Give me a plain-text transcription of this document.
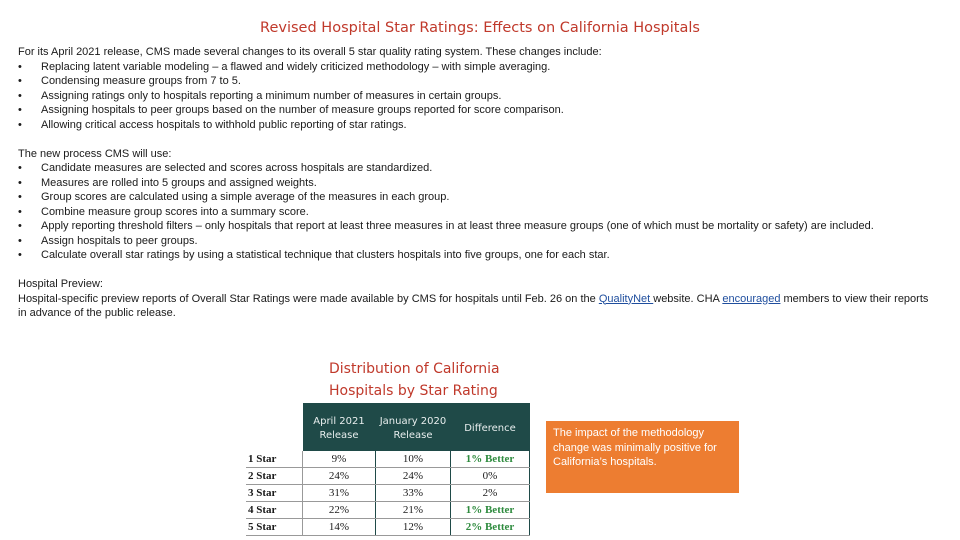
Revised Hospital Star Ratings: Effects on California Hospitals

For its April 2021 release, CMS made several changes to its overall 5 star quality rating system. These changes include:

• Replacing latent variable modeling – a flawed and widely criticized methodology – with simple averaging.
• Condensing measure groups from 7 to 5.
• Assigning ratings only to hospitals reporting a minimum number of measures in certain groups.
• Assigning hospitals to peer groups based on the number of measure groups reported for score comparison.
• Allowing critical access hospitals to withhold public reporting of star ratings.

The new process CMS will use:

• Candidate measures are selected and scores across hospitals are standardized.
• Measures are rolled into 5 groups and assigned weights.
• Group scores are calculated using a simple average of the measures in each group.
• Combine measure group scores into a summary score.
• Apply reporting threshold filters – only hospitals that report at least three measures in at least three measure groups (one of which must be mortality or safety) are included.
• Assign hospitals to peer groups.
• Calculate overall star ratings by using a statistical technique that clusters hospitals into five groups, one for each star.

Hospital Preview:

Hospital-specific preview reports of Overall Star Ratings were made available by CMS for hospitals until Feb. 26 on the QualityNet website. CHA encouraged members to view their reports in advance of the public release.

Distribution of California Hospitals by Star Rating
	April 2021 Release	January 2020 Release	Difference
1 Star	9%	10%	1% Better
2 Star	24%	24%	0%
3 Star	31%	33%	2%
4 Star	22%	21%	1% Better
5 Star	14%	12%	2% Better
The impact of the methodology change was minimally positive for California’s hospitals.
